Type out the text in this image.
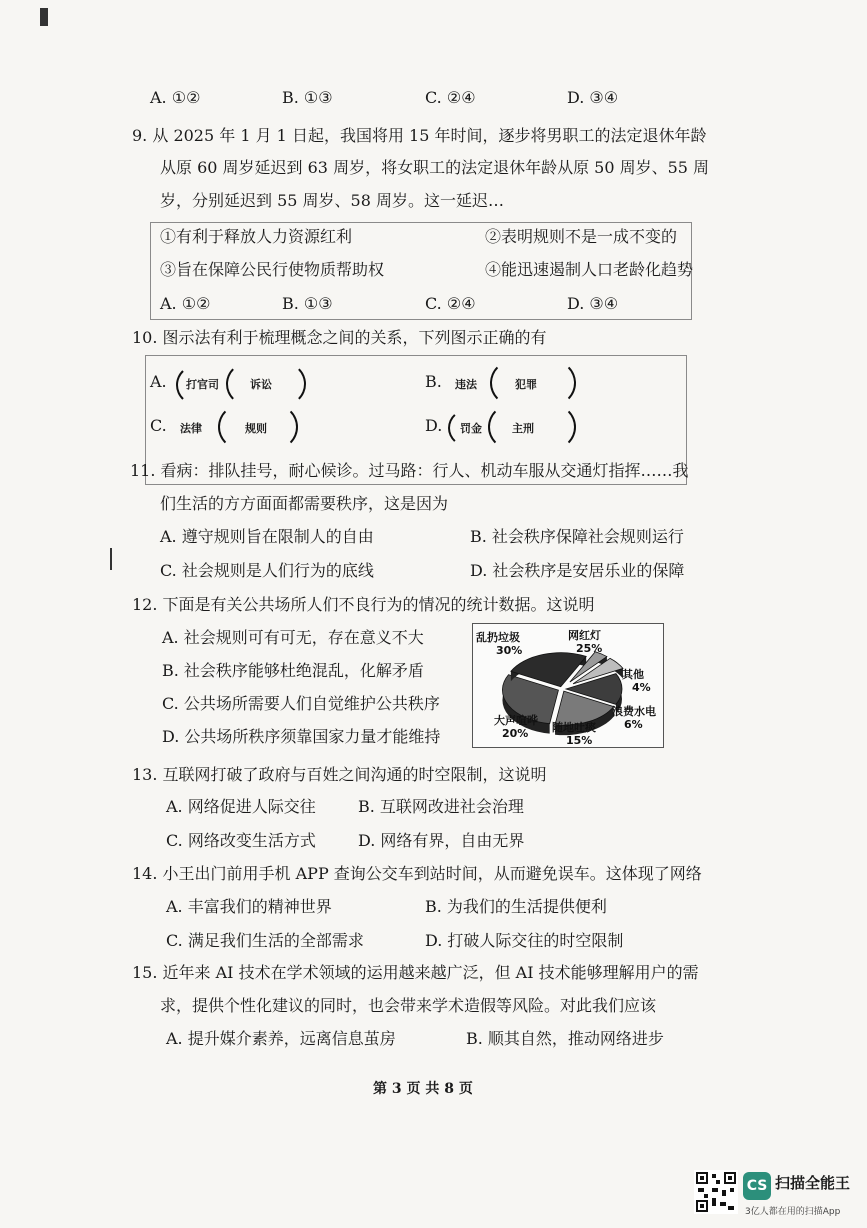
A. ①②	B. ①③	C. ②④	D. ③④
9. 从 2025 年 1 月 1 日起，我国将用 15 年时间，逐步将男职工的法定退休年龄
从原 60 周岁延迟到 63 周岁，将女职工的法定退休年龄从原 50 周岁、55 周
岁，分别延迟到 55 周岁、58 周岁。这一延迟…
①有利于释放人力资源红利	②表明规则不是一成不变的
③旨在保障公民行使物质帮助权	④能迅速遏制人口老龄化趋势
A. ①②	B. ①③	C. ②④	D. ③④
10. 图示法有利于梳理概念之间的关系，下列图示正确的有
A. 打官司	诉讼	B. 违法	犯罪
C. 法律	规则	D. 罚金	主刑
11. 看病：排队挂号，耐心候诊。过马路：行人、机动车服从交通灯指挥……我
们生活的方方面面都需要秩序，这是因为
A. 遵守规则旨在限制人的自由	B. 社会秩序保障社会规则运行
C. 社会规则是人们行为的底线	D. 社会秩序是安居乐业的保障
12. 下面是有关公共场所人们不良行为的情况的统计数据。这说明
A. 社会规则可有可无，存在意义不大
B. 社会秩序能够杜绝混乱，化解矛盾
C. 公共场所需要人们自觉维护公共秩序
D. 公共场所秩序须靠国家力量才能维持
乱扔垃圾
30%
网红灯
25%
其他
4%
浪费水电
6%
随地吐痰
15%
大声喧哗
20%
13. 互联网打破了政府与百姓之间沟通的时空限制，这说明
A. 网络促进人际交往	B. 互联网改进社会治理
C. 网络改变生活方式	D. 网络有界，自由无界
14. 小王出门前用手机 APP 查询公交车到站时间，从而避免误车。这体现了网络
A. 丰富我们的精神世界	B. 为我们的生活提供便利
C. 满足我们生活的全部需求	D. 打破人际交往的时空限制
15. 近年来 AI 技术在学术领域的运用越来越广泛，但 AI 技术能够理解用户的需
求，提供个性化建议的同时，也会带来学术造假等风险。对此我们应该
A. 提升媒介素养，远离信息茧房	B. 顺其自然，推动网络进步
第 3 页 共 8 页
CS 扫描全能王
3亿人都在用的扫描App
